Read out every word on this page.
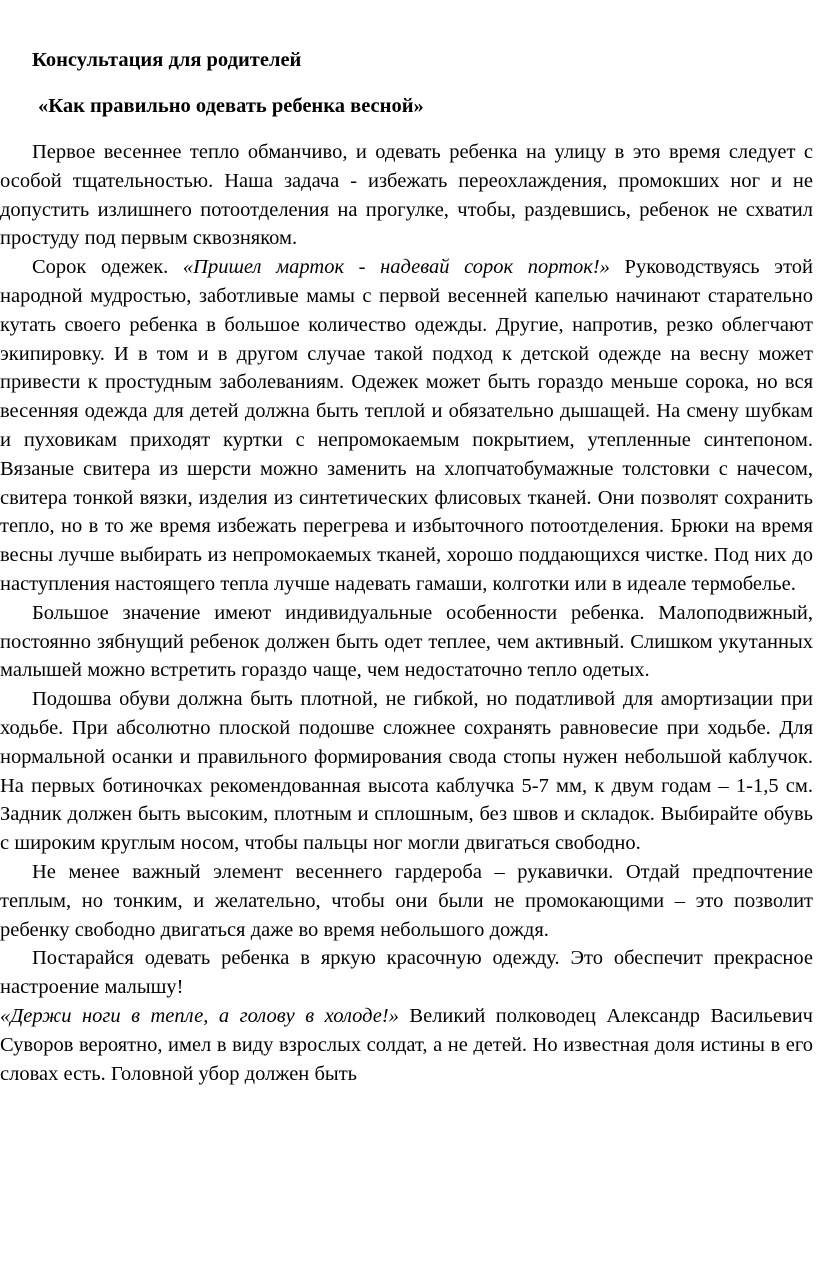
Консультация для родителей
«Как правильно одевать ребенка весной»

Первое весеннее тепло обманчиво, и одевать ребенка на улицу в это время следует с особой тщательностью. Наша задача - избежать переохлаждения, промокших ног и не допустить излишнего потоотделения на прогулке, чтобы, раздевшись, ребенок не схватил простуду под первым сквозняком.

Сорок одежек. «Пришел марток - надевай сорок порток!» Руководствуясь этой народной мудростью, заботливые мамы с первой весенней капелью начинают старательно кутать своего ребенка в большое количество одежды. Другие, напротив, резко облегчают экипировку. И в том и в другом случае такой подход к детской одежде на весну может привести к простудным заболеваниям. Одежек может быть гораздо меньше сорока, но вся весенняя одежда для детей должна быть теплой и обязательно дышащей. На смену шубкам и пуховикам приходят куртки с непромокаемым покрытием, утепленные синтепоном. Вязаные свитера из шерсти можно заменить на хлопчатобумажные толстовки с начесом, свитера тонкой вязки, изделия из синтетических флисовых тканей. Они позволят сохранить тепло, но в то же время избежать перегрева и избыточного потоотделения. Брюки на время весны лучше выбирать из непромокаемых тканей, хорошо поддающихся чистке. Под них до наступления настоящего тепла лучше надевать гамаши, колготки или в идеале термобелье.

Большое значение имеют индивидуальные особенности ребенка. Малоподвижный, постоянно зябнущий ребенок должен быть одет теплее, чем активный. Слишком укутанных малышей можно встретить гораздо чаще, чем недостаточно тепло одетых.

Подошва обуви должна быть плотной, не гибкой, но податливой для амортизации при ходьбе. При абсолютно плоской подошве сложнее сохранять равновесие при ходьбе. Для нормальной осанки и правильного формирования свода стопы нужен небольшой каблучок. На первых ботиночках рекомендованная высота каблучка 5-7 мм, к двум годам – 1-1,5 см. Задник должен быть высоким, плотным и сплошным, без швов и складок. Выбирайте обувь с широким круглым носом, чтобы пальцы ног могли двигаться свободно.

Не менее важный элемент весеннего гардероба – рукавички. Отдай предпочтение теплым, но тонким, и желательно, чтобы они были не промокающими – это позволит ребенку свободно двигаться даже во время небольшого дождя.

Постарайся одевать ребенка в яркую красочную одежду. Это обеспечит прекрасное настроение малышу!

«Держи ноги в тепле, а голову в холоде!» Великий полководец Александр Васильевич Суворов вероятно, имел в виду взрослых солдат, а не детей. Но известная доля истины в его словах есть. Головной убор должен быть
